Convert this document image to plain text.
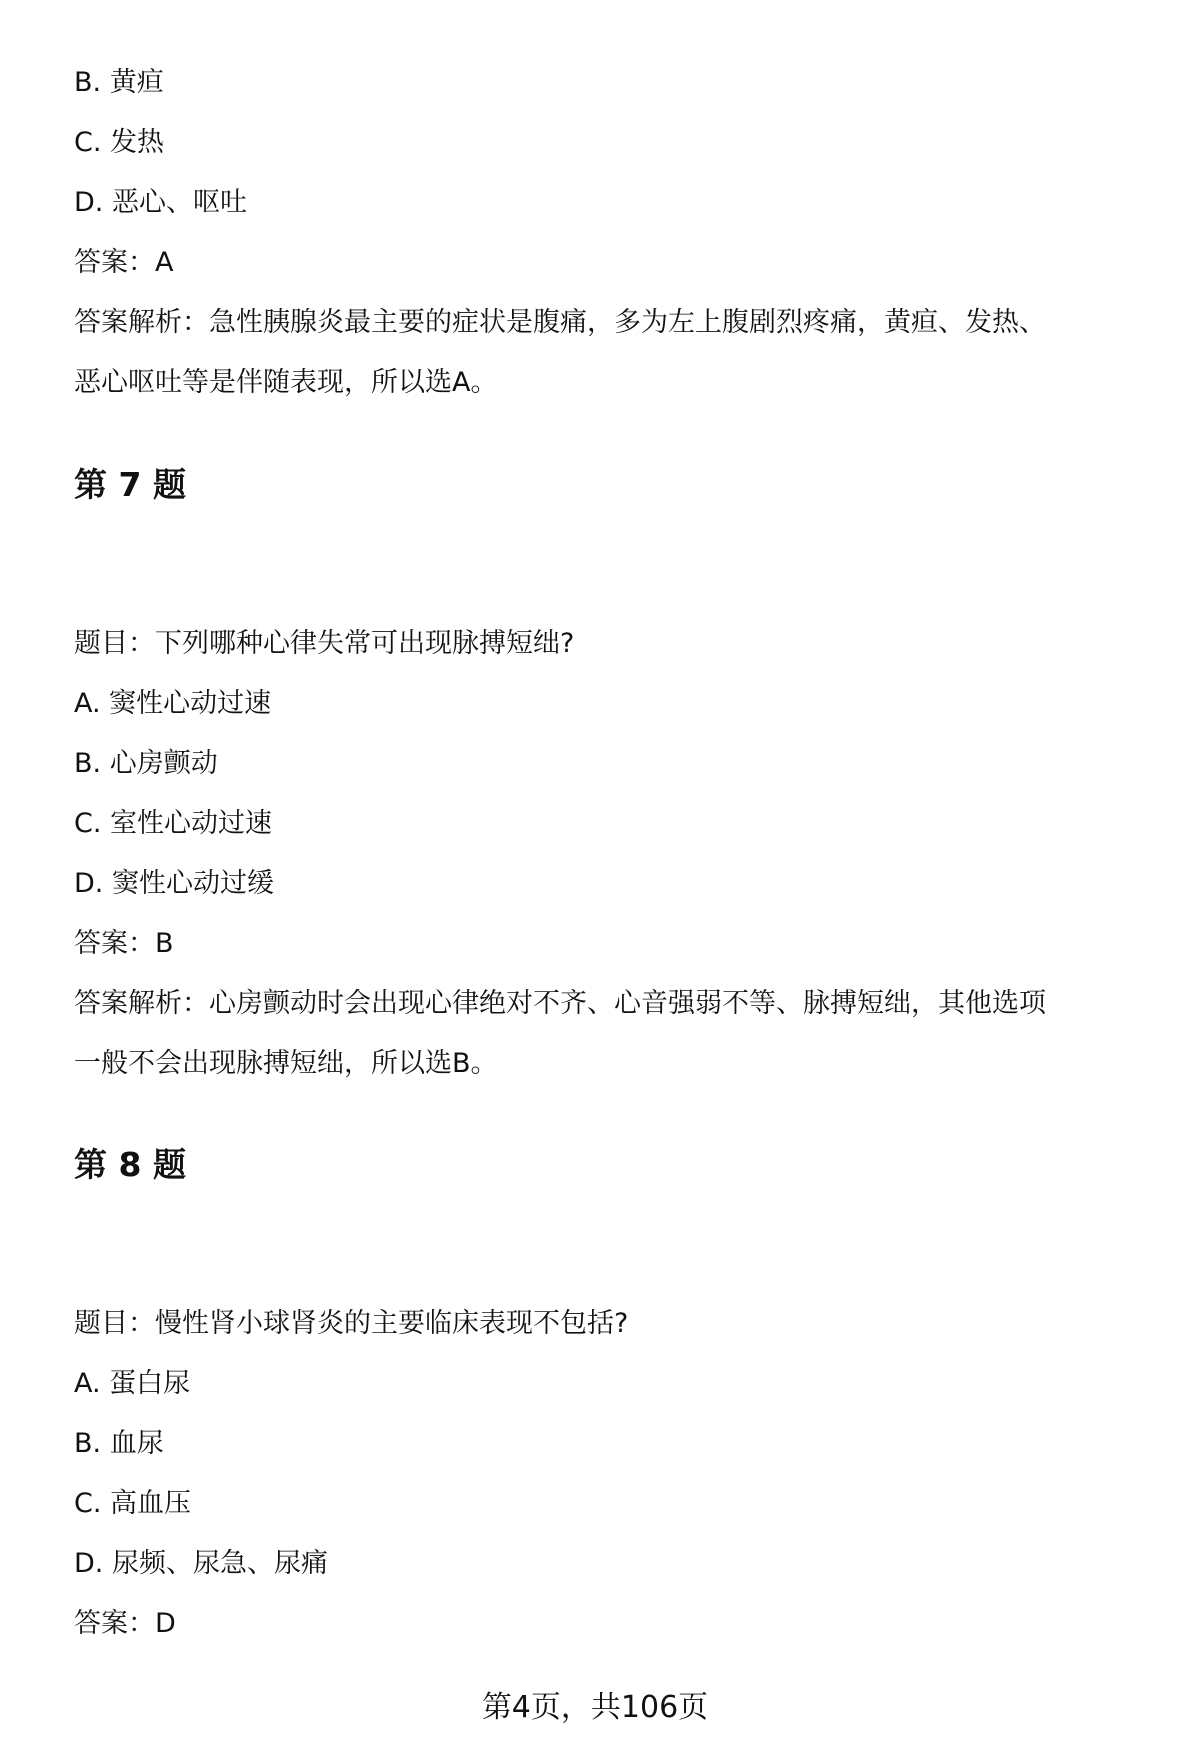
B. 黄疸
C. 发热
D. 恶心、呕吐
答案：A
答案解析：急性胰腺炎最主要的症状是腹痛，多为左上腹剧烈疼痛，黄疸、发热、
恶心呕吐等是伴随表现，所以选A。
第 7 题
题目：下列哪种心律失常可出现脉搏短绌?
A. 窦性心动过速
B. 心房颤动
C. 室性心动过速
D. 窦性心动过缓
答案：B
答案解析：心房颤动时会出现心律绝对不齐、心音强弱不等、脉搏短绌，其他选项
一般不会出现脉搏短绌，所以选B。
第 8 题
题目：慢性肾小球肾炎的主要临床表现不包括?
A. 蛋白尿
B. 血尿
C. 高血压
D. 尿频、尿急、尿痛
答案：D
第4页，共106页
